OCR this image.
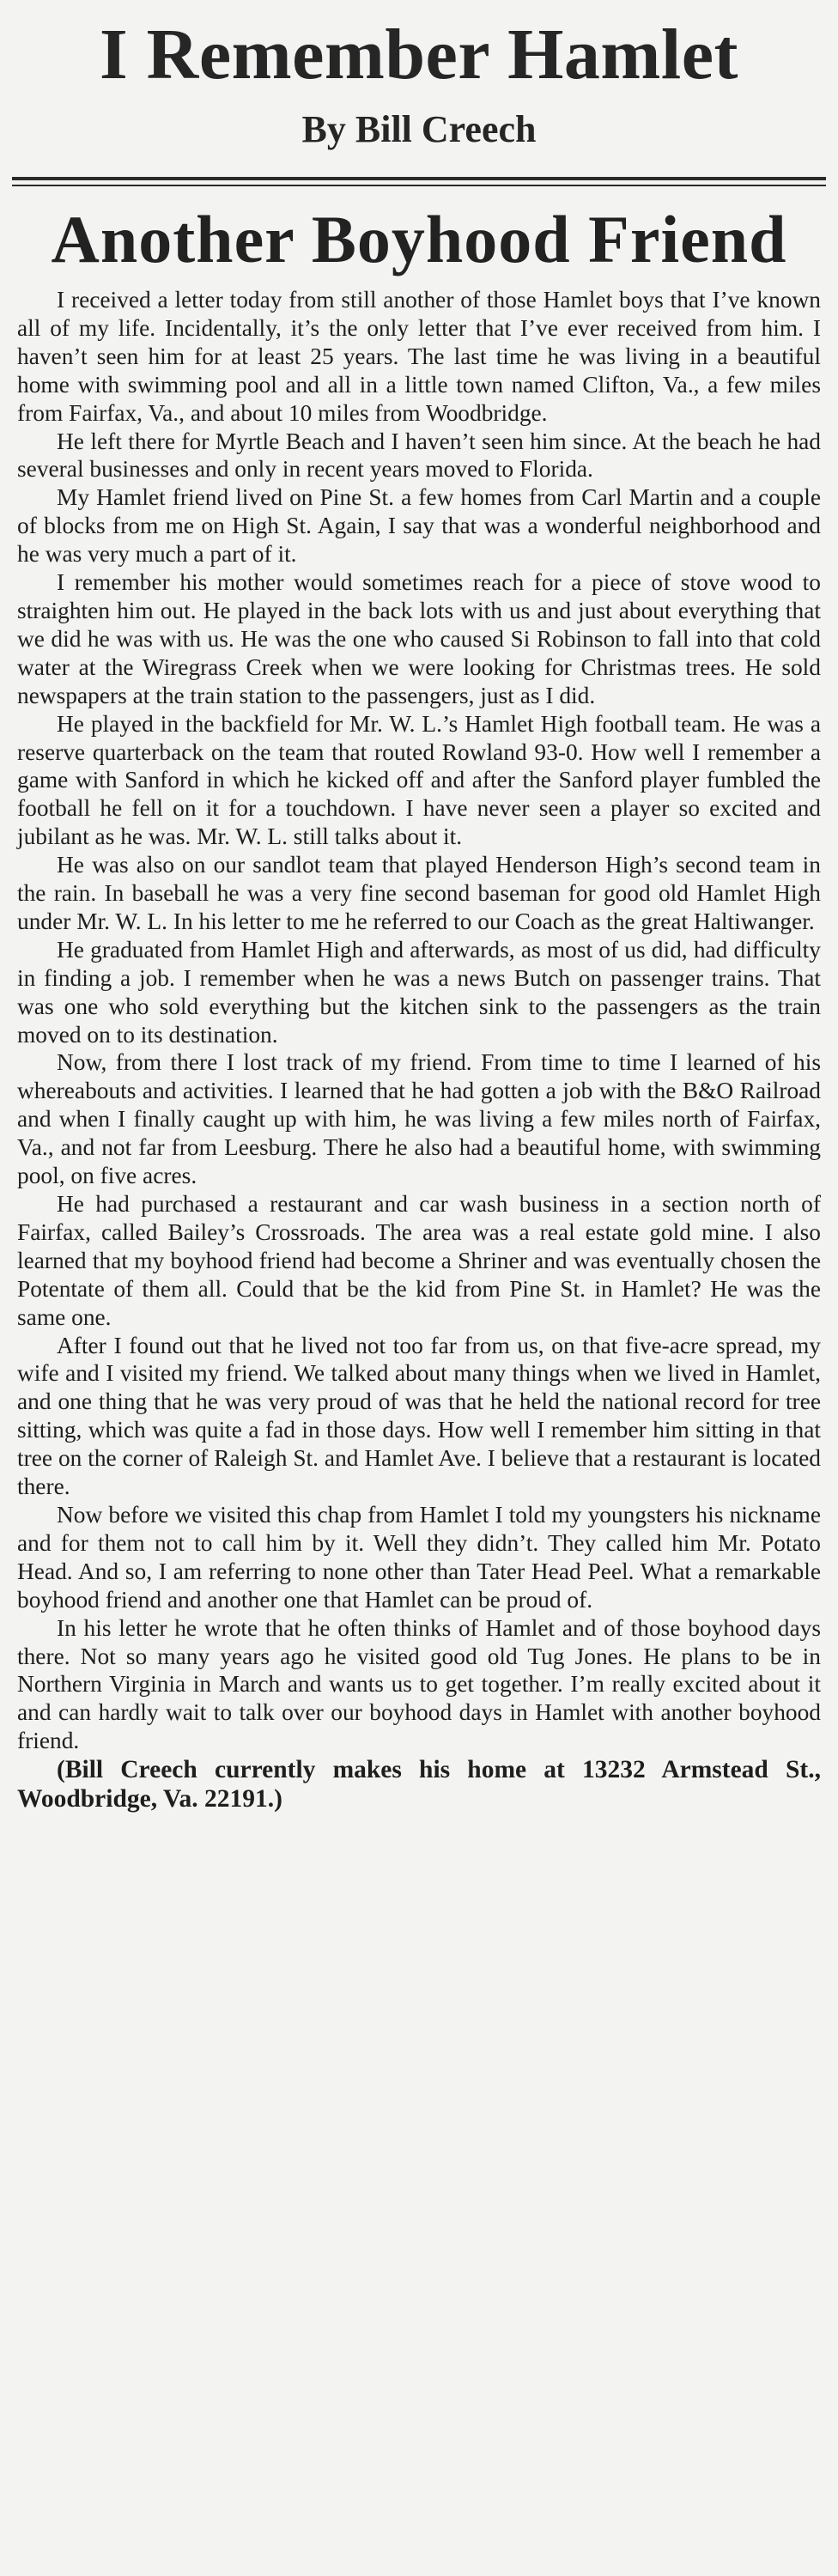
I Remember Hamlet
By Bill Creech
Another Boyhood Friend

I received a letter today from still another of those Hamlet boys that I’ve known all of my life. Incidentally, it’s the only letter that I’ve ever received from him. I haven’t seen him for at least 25 years. The last time he was living in a beautiful home with swimming pool and all in a little town named Clifton, Va., a few miles from Fairfax, Va., and about 10 miles from Woodbridge.

He left there for Myrtle Beach and I haven’t seen him since. At the beach he had several businesses and only in recent years moved to Florida.

My Hamlet friend lived on Pine St. a few homes from Carl Martin and a couple of blocks from me on High St. Again, I say that was a wonderful neighborhood and he was very much a part of it.

I remember his mother would sometimes reach for a piece of stove wood to straighten him out. He played in the back lots with us and just about everything that we did he was with us. He was the one who caused Si Robinson to fall into that cold water at the Wiregrass Creek when we were looking for Christmas trees. He sold newspapers at the train station to the passengers, just as I did.

He played in the backfield for Mr. W. L.’s Hamlet High football team. He was a reserve quarterback on the team that routed Rowland 93-0. How well I remember a game with Sanford in which he kicked off and after the Sanford player fumbled the football he fell on it for a touchdown. I have never seen a player so excited and jubilant as he was. Mr. W. L. still talks about it.

He was also on our sandlot team that played Henderson High’s second team in the rain. In baseball he was a very fine second baseman for good old Hamlet High under Mr. W. L. In his letter to me he referred to our Coach as the great Haltiwanger.

He graduated from Hamlet High and afterwards, as most of us did, had difficulty in finding a job. I remember when he was a news Butch on passenger trains. That was one who sold everything but the kitchen sink to the passengers as the train moved on to its destination.

Now, from there I lost track of my friend. From time to time I learned of his whereabouts and activities. I learned that he had gotten a job with the B&O Railroad and when I finally caught up with him, he was living a few miles north of Fairfax, Va., and not far from Leesburg. There he also had a beautiful home, with swimming pool, on five acres.

He had purchased a restaurant and car wash business in a section north of Fairfax, called Bailey’s Crossroads. The area was a real estate gold mine. I also learned that my boyhood friend had become a Shriner and was eventually chosen the Potentate of them all. Could that be the kid from Pine St. in Hamlet? He was the same one.

After I found out that he lived not too far from us, on that five-acre spread, my wife and I visited my friend. We talked about many things when we lived in Hamlet, and one thing that he was very proud of was that he held the national record for tree sitting, which was quite a fad in those days. How well I remember him sitting in that tree on the corner of Raleigh St. and Hamlet Ave. I believe that a restaurant is located there.

Now before we visited this chap from Hamlet I told my youngsters his nickname and for them not to call him by it. Well they didn’t. They called him Mr. Potato Head. And so, I am referring to none other than Tater Head Peel. What a remarkable boyhood friend and another one that Hamlet can be proud of.

In his letter he wrote that he often thinks of Hamlet and of those boyhood days there. Not so many years ago he visited good old Tug Jones. He plans to be in Northern Virginia in March and wants us to get together. I’m really excited about it and can hardly wait to talk over our boyhood days in Hamlet with another boyhood friend.

(Bill Creech currently makes his home at 13232 Armstead St., Woodbridge, Va. 22191.)
